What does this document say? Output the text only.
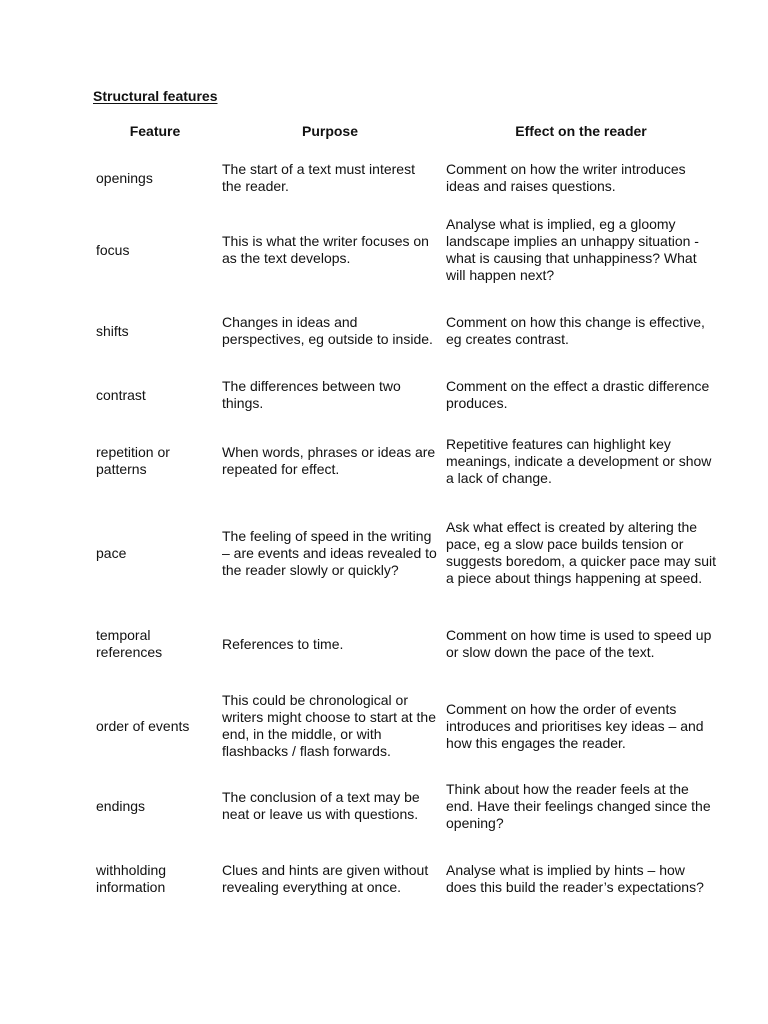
Structural features
Feature	Purpose	Effect on the reader
openings	The start of a text must interest the reader.	Comment on how the writer introduces ideas and raises questions.
focus	This is what the writer focuses on as the text develops.	Analyse what is implied, eg a gloomy landscape implies an unhappy situation - what is causing that unhappiness? What will happen next?
shifts	Changes in ideas and perspectives, eg outside to inside.	Comment on how this change is effective, eg creates contrast.
contrast	The differences between two things.	Comment on the effect a drastic difference produces.
repetition or patterns	When words, phrases or ideas are repeated for effect.	Repetitive features can highlight key meanings, indicate a development or show a lack of change.
pace	The feeling of speed in the writing – are events and ideas revealed to the reader slowly or quickly?	Ask what effect is created by altering the pace, eg a slow pace builds tension or suggests boredom, a quicker pace may suit a piece about things happening at speed.
temporal references	References to time.	Comment on how time is used to speed up or slow down the pace of the text.
order of events	This could be chronological or writers might choose to start at the end, in the middle, or with flashbacks / flash forwards.	Comment on how the order of events introduces and prioritises key ideas – and how this engages the reader.
endings	The conclusion of a text may be neat or leave us with questions.	Think about how the reader feels at the end. Have their feelings changed since the opening?
withholding information	Clues and hints are given without revealing everything at once.	Analyse what is implied by hints – how does this build the reader’s expectations?
